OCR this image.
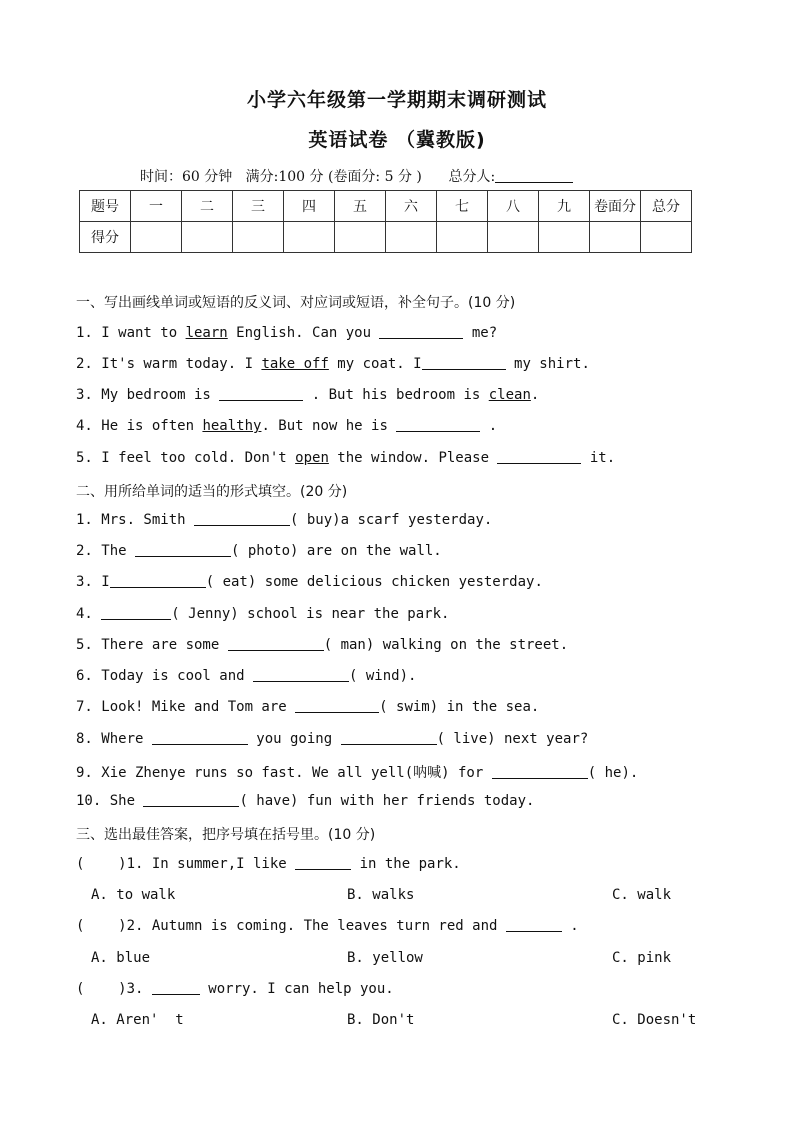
小学六年级第一学期期末调研测试
英语试卷 （冀教版)
时间：60 分钟   满分:100 分 (卷面分: 5 分 )      总分人:
题号	一	二	三	四	五	六	七	八	九	卷面分	总分
得分											
一、写出画线单词或短语的反义词、对应词或短语，补全句子。(10 分)
1. I want to learn English. Can you	me?
2. It's warm today. I take off my coat. I	my shirt.
3. My bedroom is	. But his bedroom is clean.
4. He is often healthy. But now he is	.
5. I feel too cold. Don't open the window. Please	it.
二、用所给单词的适当的形式填空。(20 分)
1. Mrs. Smith	( buy)a scarf yesterday.
2. The	( photo) are on the wall.
3. I	( eat) some delicious chicken yesterday.
4.	( Jenny) school is near the park.
5. There are some	( man) walking on the street.
6. Today is cool and	( wind).
7. Look! Mike and Tom are	( swim) in the sea.
8. Where	you going	( live) next year?
9. Xie Zhenye runs so fast. We all yell(呐喊) for	( he).
10. She	( have) fun with her friends today.
三、选出最佳答案，把序号填在括号里。(10 分)
(    )1. In summer,I like	in the park.
A. to walk	B. walks	C. walk
(    )2. Autumn is coming. The leaves turn red and	.
A. blue	B. yellow	C. pink
(    )3.	worry. I can help you.
A. Aren'  t	B. Don't	C. Doesn't
